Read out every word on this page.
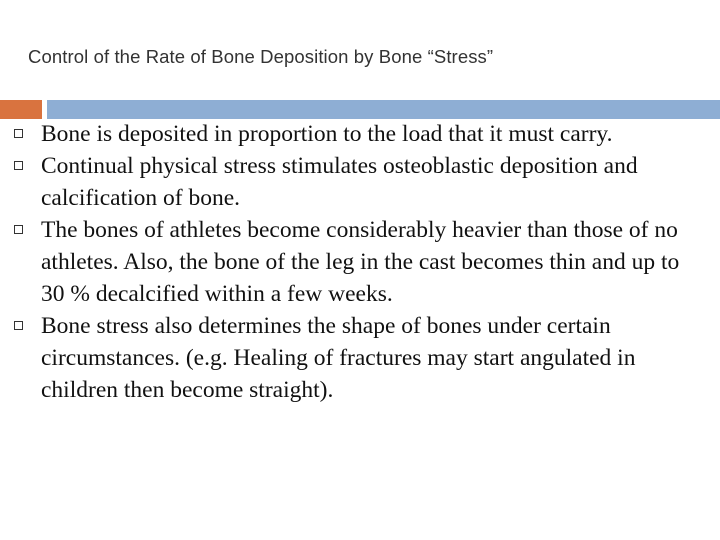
Control of the Rate of Bone Deposition by Bone “Stress”
Bone is deposited in proportion to the load that it must carry.
Continual physical stress stimulates osteoblastic deposition and calcification of bone.
The bones of athletes become considerably heavier than those of no athletes. Also, the bone of the leg in the cast becomes thin and up to 30 % decalcified within a few weeks.
Bone stress also determines the shape of bones under certain circumstances. (e.g. Healing of fractures may start angulated in children then become straight).
